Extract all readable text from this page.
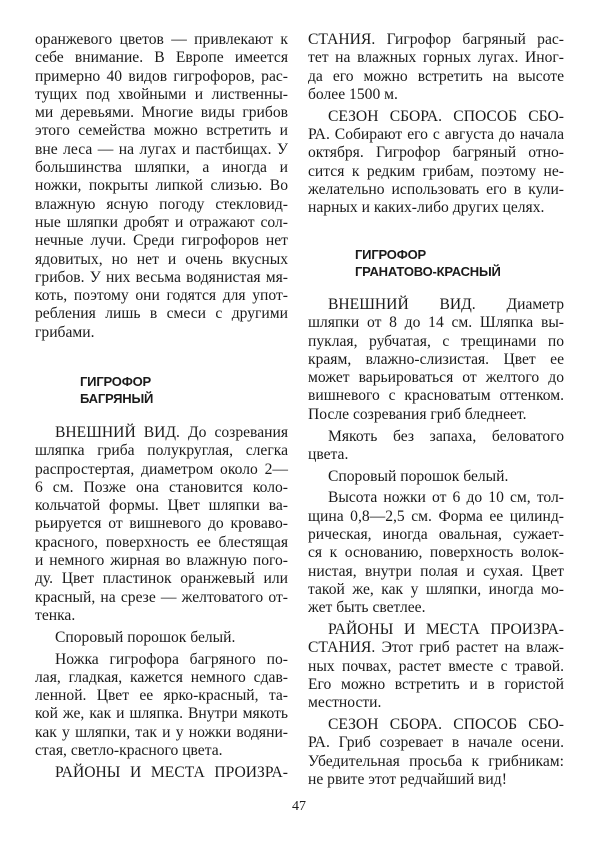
оранжевого цветов — привлекают к
себе внимание. В Европе имеется
примерно 40 видов гигрофоров, рас-
тущих под хвойными и лиственны-
ми деревьями. Многие виды грибов
этого семейства можно встретить и
вне леса — на лугах и пастбищах. У
большинства шляпки, а иногда и
ножки, покрыты липкой слизью. Во
влажную ясную погоду стекловид-
ные шляпки дробят и отражают сол-
нечные лучи. Среди гигрофоров нет
ядовитых, но нет и очень вкусных
грибов. У них весьма водянистая мя-
коть, поэтому они годятся для упот-
ребления лишь в смеси с другими
грибами.
ГИГРОФОР
БАГРЯНЫЙ
ВНЕШНИЙ ВИД. До созревания
шляпка гриба полукруглая, слегка
распростертая, диаметром около 2—
6 см. Позже она становится коло-
кольчатой формы. Цвет шляпки ва-
рьируется от вишневого до кроваво-
красного, поверхность ее блестящая
и немного жирная во влажную пого-
ду. Цвет пластинок оранжевый или
красный, на срезе — желтоватого от-
тенка.
Споровый порошок белый.
Ножка гигрофора багряного по-
лая, гладкая, кажется немного сдав-
ленной. Цвет ее ярко-красный, та-
кой же, как и шляпка. Внутри мякоть
как у шляпки, так и у ножки водяни-
стая, светло-красного цвета.
РАЙОНЫ И МЕСТА ПРОИЗРА-
СТАНИЯ. Гигрофор багряный рас-
тет на влажных горных лугах. Иног-
да его можно встретить на высоте
более 1500 м.
СЕЗОН СБОРА. СПОСОБ СБО-
РА. Собирают его с августа до начала
октября. Гигрофор багряный отно-
сится к редким грибам, поэтому не-
желательно использовать его в кули-
нарных и каких-либо других целях.
ГИГРОФОР
ГРАНАТОВО-КРАСНЫЙ
ВНЕШНИЙ ВИД. Диаметр
шляпки от 8 до 14 см. Шляпка вы-
пуклая, рубчатая, с трещинами по
краям, влажно-слизистая. Цвет ее
может варьироваться от желтого до
вишневого с красноватым оттенком.
После созревания гриб бледнеет.
Мякоть без запаха, беловатого
цвета.
Споровый порошок белый.
Высота ножки от 6 до 10 см, тол-
щина 0,8—2,5 см. Форма ее цилинд-
рическая, иногда овальная, сужает-
ся к основанию, поверхность волок-
нистая, внутри полая и сухая. Цвет
такой же, как у шляпки, иногда мо-
жет быть светлее.
РАЙОНЫ И МЕСТА ПРОИЗРА-
СТАНИЯ. Этот гриб растет на влаж-
ных почвах, растет вместе с травой.
Его можно встретить и в гористой
местности.
СЕЗОН СБОРА. СПОСОБ СБО-
РА. Гриб созревает в начале осени.
Убедительная просьба к грибникам:
не рвите этот редчайший вид!
47
